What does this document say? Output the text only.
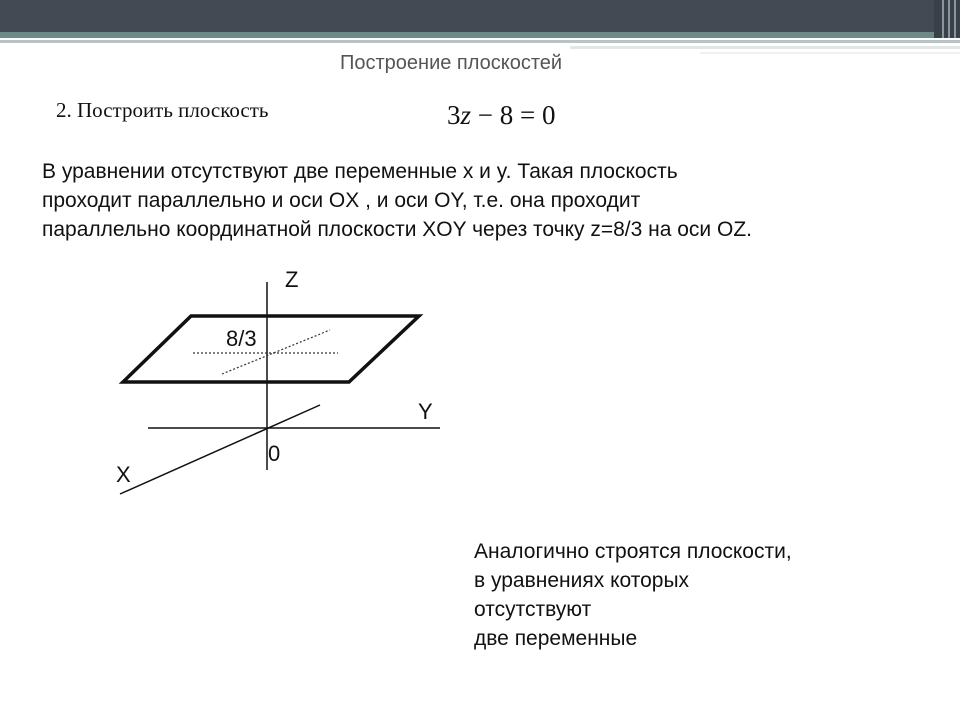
Построение плоскостей
2. Построить плоскость	3z − 8 = 0
В уравнении отсутствуют две переменные x и y. Такая плоскость
проходит параллельно и оси OX , и оси OY, т.е. она проходит
параллельно координатной плоскости XOY через точку z=8/3 на оси OZ.
Z
8/3
Y
0
X
Аналогично строятся плоскости,
в уравнениях которых
отсутствуют
две переменные
